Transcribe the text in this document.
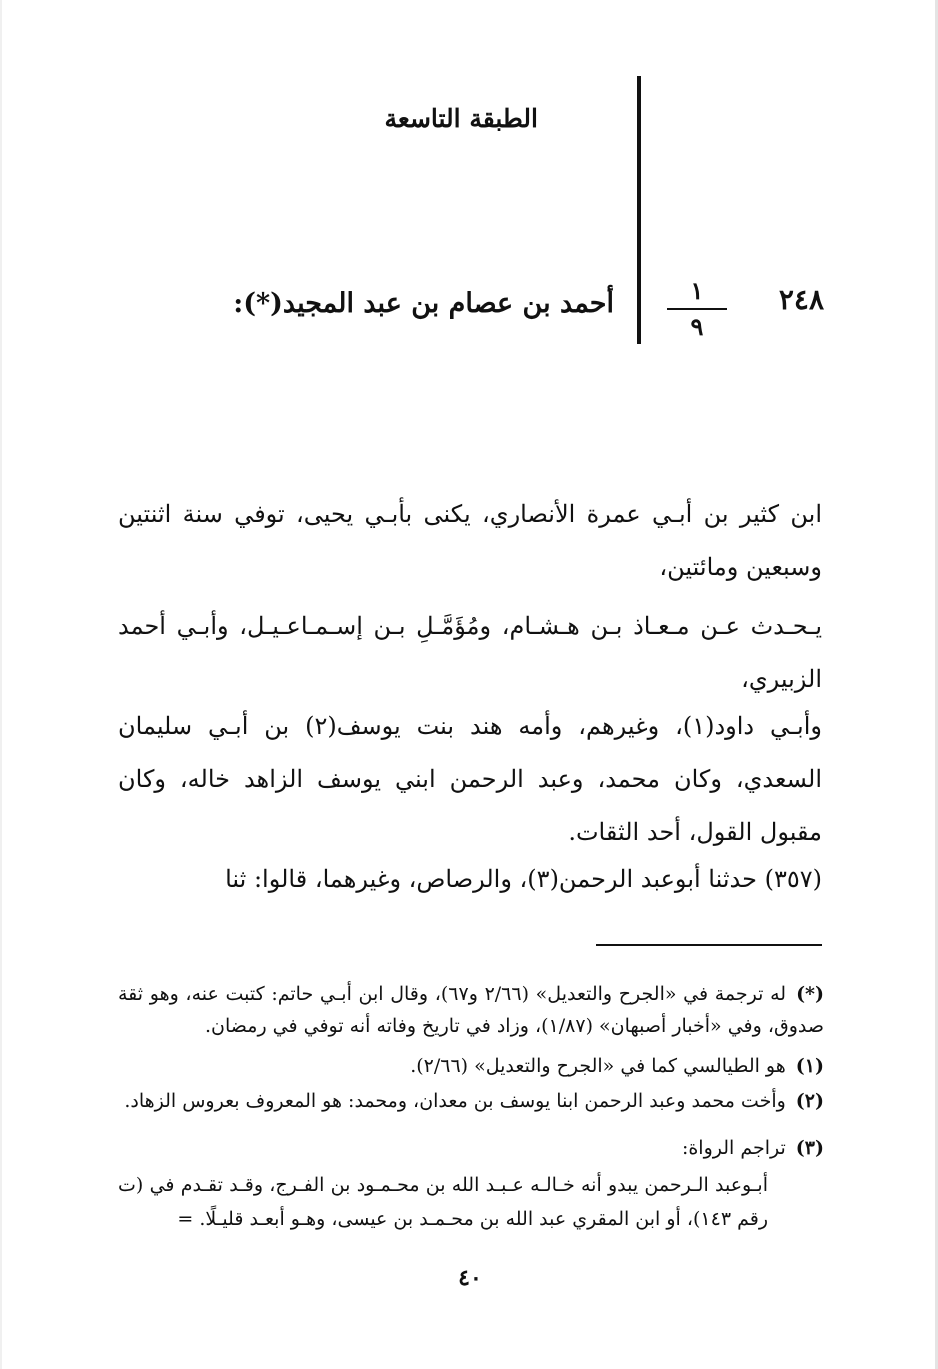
الطبقة التاسعة
٢٤٨
١
٩
أحمد بن عصام بن عبد المجيد(*):
ابن كثير بن أبـي عمرة الأنصاري، يكنى بأبـي يحيى، توفي سنة اثنتين وسبعين ومائتين،
يـحـدث عـن مـعـاذ بـن هـشـام، ومُؤَمَّـلِ بـن إسـمـاعـيـل، وأبـي أحمد الزبيري،
وأبـي داود(١)، وغيرهم، وأمه هند بنت يوسف(٢) بن أبـي سليمان السعدي، وكان محمد، وعبد الرحمن ابني يوسف الزاهد خاله، وكان مقبول القول، أحد الثقات.
(٣٥٧) حدثنا أبوعبد الرحمن(٣)، والرصاص، وغيرهما، قالوا: ثنا
(*)له ترجمة في «الجرح والتعديل» (٢/٦٦ و٦٧)، وقال ابن أبـي حاتم: كتبت عنه، وهو ثقة صدوق، وفي «أخبار أصبهان» (١/٨٧)، وزاد في تاريخ وفاته أنه توفي في رمضان.
(١)هو الطيالسي كما في «الجرح والتعديل» (٢/٦٦).
(٢)وأخت محمد وعبد الرحمن ابنا يوسف بن معدان، ومحمد: هو المعروف بعروس الزهاد.
(٣)تراجم الرواة:
أبـوعبد الـرحمن يبدو أنه خـالـه عـبـد الله بن محـمـود بن الفـرج، وقـد تقـدم في (ت رقم ١٤٣)، أو ابن المقري عبد الله بن محـمـد بن عيسى، وهـو أبعـد قليـلًا. =
٤٠
